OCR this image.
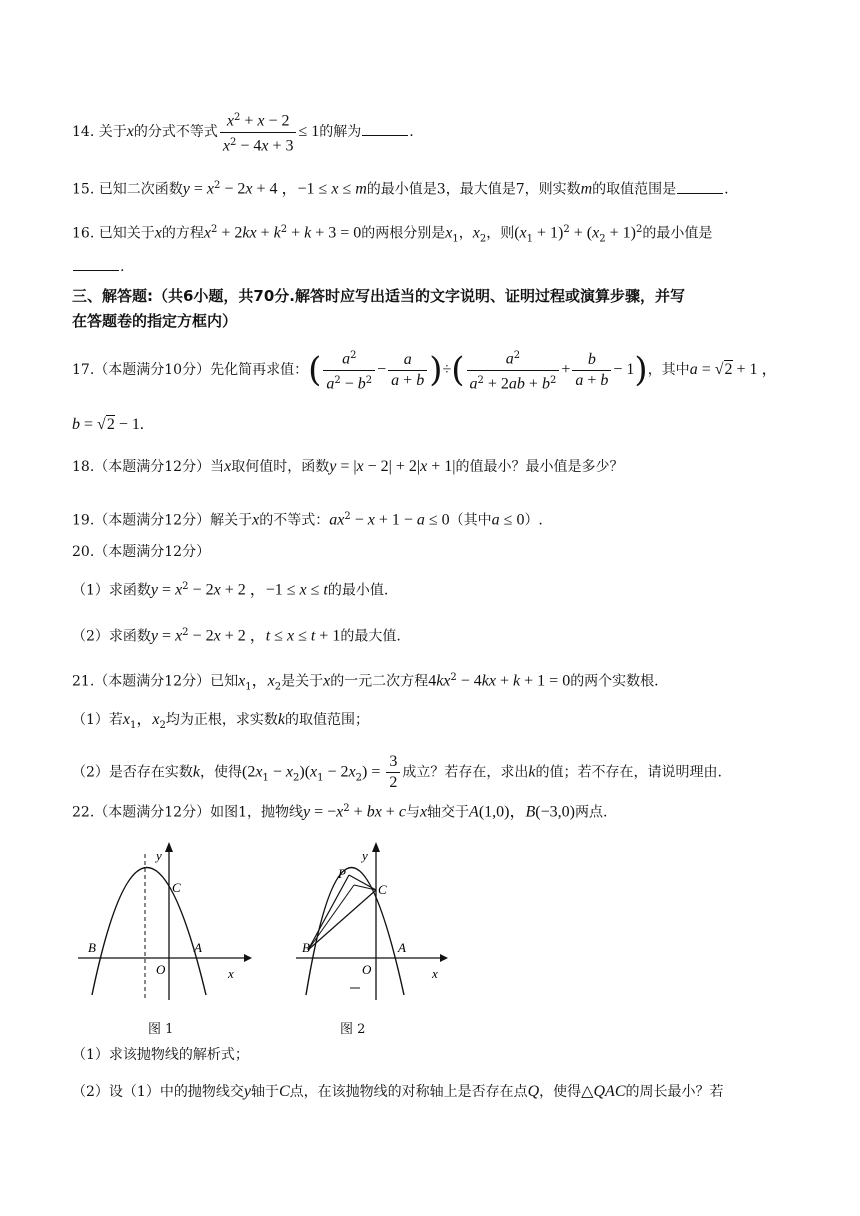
14. 关于x的分式不等式 $\frac{x^2 + x - 2}{x^2 - 4x + 3} \le 1$的解为	.
15. 已知二次函数$y = x^2 - 2x + 4$ ，−1 ≤ x ≤ m的最小值是3，最大值是7，则实数m的取值范围是	.
16. 已知关于x的方程$x^2 + 2kx + k^2 + k + 3 = 0$的两根分别是$x_1$，$x_2$，则$(x_1 + 1)^2 + (x_2 + 1)^2$的最小值是
.
三、解答题:（共6小题，共70分.解答时应写出适当的文字说明、证明过程或演算步骤，并写
在答题卷的指定方框内）
17.（本题满分10分）先化简再求值：( $\frac{a^2}{a^2 - b^2} - \frac{a}{a + b}$ )÷( $\frac{a^2}{a^2 + 2ab + b^2} + \frac{b}{a + b} - 1$)，其中a = √2 + 1 ，
b = √2 − 1.
18.（本题满分12分）当x取何值时，函数y = |x − 2| + 2|x + 1|的值最小？最小值是多少？
19.（本题满分12分）解关于x的不等式：$ax^2 - x + 1 - a \le 0$（其中a ≤ 0）.
20.（本题满分12分）
（1）求函数$y = x^2 - 2x + 2$ ，−1 ≤ x ≤ t的最小值.
（2）求函数$y = x^2 - 2x + 2$ ，t ≤ x ≤ t + 1的最大值.
21.（本题满分12分）已知$x_1$，$x_2$是关于x的一元二次方程$4kx^2 - 4kx + k + 1 = 0$的两个实数根.
（1）若$x_1$，$x_2$均为正根，求实数k的取值范围；
（2）是否存在实数k，使得$(2x_1 - x_2)(x_1 - 2x_2) = \frac{3}{2}$ 成立？若存在，求出k的值；若不存在，请说明理由.
22.（本题满分12分）如图1，抛物线$y = -x^2$ + bx + c与x轴交于A(1,0)，B(−3,0)两点.
y
x
C
B	A
O
图 1
y
x
C
B	A
O
P
图 2
（1）求该抛物线的解析式；
（2）设（1）中的抛物线交y轴于C点，在该抛物线的对称轴上是否存在点Q，使得△QAC的周长最小？若
